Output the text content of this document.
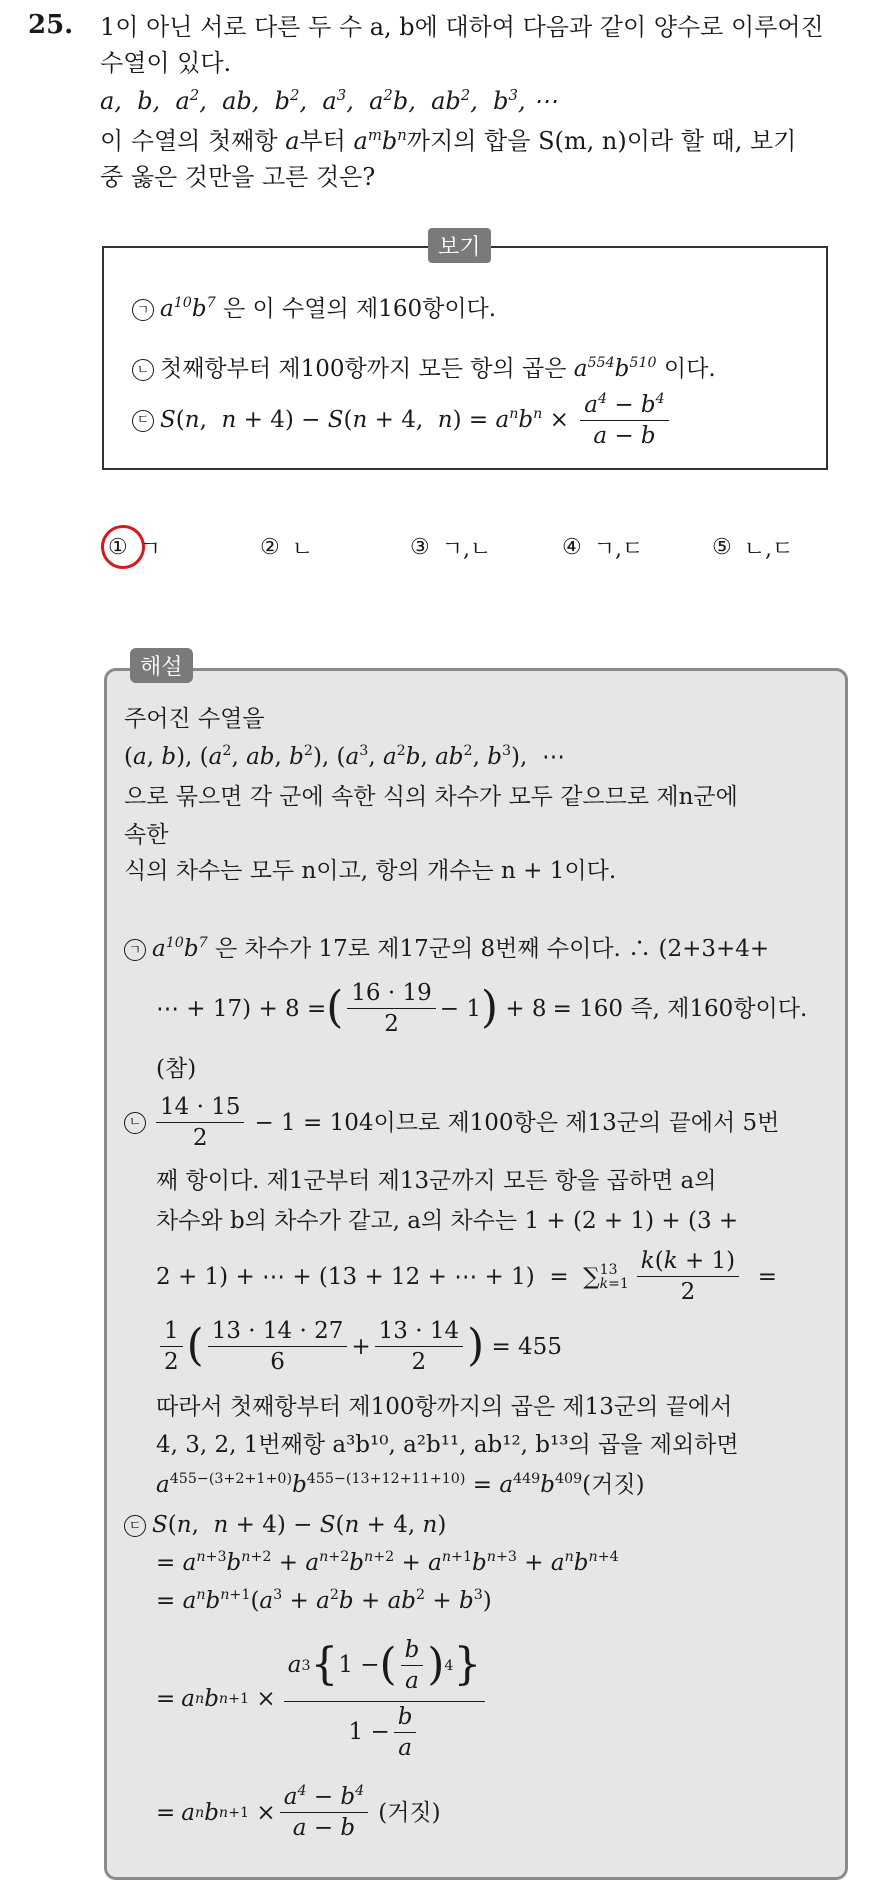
25. 1이 아닌 서로 다른 두 수 a, b에 대하여 다음과 같이 양수로 이루어진
수열이 있다.
a,  b,  $a^2$,  ab,  $b^2$,  $a^3$,  $a^2b$,  $ab^2$,  $b^3$, ⋯
이 수열의 첫째항 a부터 $a^mb^n$까지의 합을 S(m, n)이라 할 때, 보기
중 옳은 것만을 고른 것은?
보기
ㄱ $a^{10}b^7$ 은 이 수열의 제160항이다.
ㄴ 첫째항부터 제100항까지 모든 항의 곱은 $a^{554}b^{510}$ 이다.
ㄷ S(n,  n + 4) − S(n + 4,  $n) = a^nb^n \times \frac{a^4 - b^4}{a - b}$
① ㄱ	② ㄴ	③ ㄱ,ㄴ	④ ㄱ,ㄷ	⑤ ㄴ,ㄷ
해설
주어진 수열을
(a, b), ($a^2$, ab, $b^2$), ($a^3$, $a^2b$, $ab^2$, $b^3$),  ⋯
으로 묶으면 각 군에 속한 식의 차수가 모두 같으므로 제n군에
속한
식의 차수는 모두 n이고, 항의 개수는 n + 1이다.
ㄱ $a^{10}b^7$ 은 차수가 17로 제17군의 8번째 수이다. ∴ (2+3+4+
⋯ + 17) + 8 = ( $\frac{16 \cdot 19}{2} - 1$ ) + 8 = 160 즉, 제160항이다.
(참)
ㄴ $\frac{14 \cdot 15}{2} - 1 = 104$이므로 제100항은 제13군의 끝에서 5번
째 항이다. 제1군부터 제13군까지 모든 항을 곱하면 a의
차수와 b의 차수가 같고, a의 차수는 1 + (2 + 1) + (3 +
2 + 1) + ⋯ + (13 + 12 + ⋯ + 1)  =  ∑ 13
$k=1 \frac{k(k + 1)}{2}$ =
$\frac{1}{2}$ ( $\frac{13 \cdot 14 \cdot 27}{6} + \frac{13 \cdot 14}{2}$ ) = 455
따라서 첫째항부터 제100항까지의 곱은 제13군의 끝에서
4, 3, 2, 1번째항 a³b¹⁰, a²b¹¹, ab¹², b¹³의 곱을 제외하면
$a^{455-(3+2+1+0)}b^{455-(13+12+11+10)} = a^{449}b^{409}$(거짓)
ㄷ S(n,  n + 4) − S(n + 4, n)
= $a^{n+3}b^{n+2} + a^{n+2}b^{n+2} + a^{n+1}b^{n+3} + a^nb^{n+4}$
= $a^nb^{n+1}(a^3 + a^2b + ab^2 + b^3)$
= a n b $n+1 \times \frac{a 3 \{ 1 - ( \frac{b}{a} ) 4 \}}{1 - \frac{b}{a}}$
= a n b $n+1 \times \frac{a^4 - b^4}{a - b}$ (거짓)
